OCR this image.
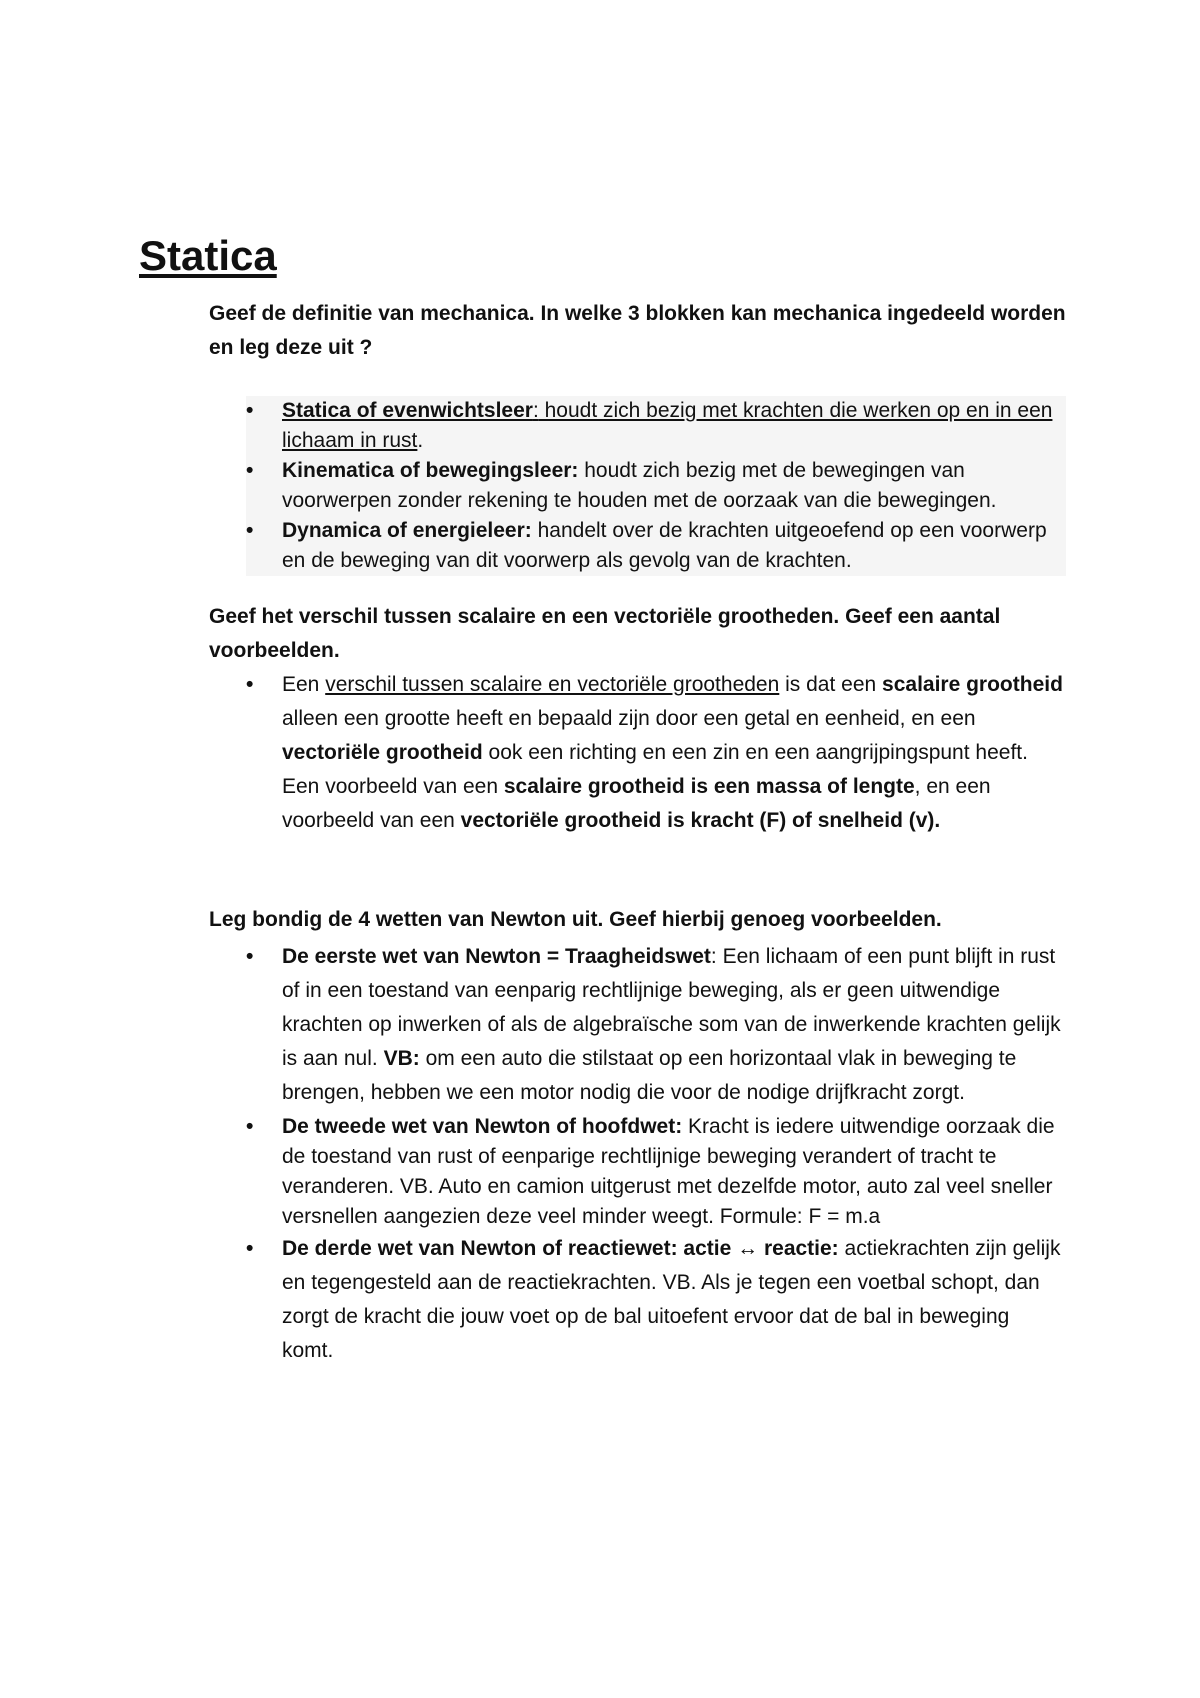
Statica

Geef de definitie van mechanica. In welke 3 blokken kan mechanica ingedeeld worden en leg deze uit ?

•	Statica of evenwichtsleer: houdt zich bezig met krachten die werken op en in een lichaam in rust.
•	Kinematica of bewegingsleer: houdt zich bezig met de bewegingen van voorwerpen zonder rekening te houden met de oorzaak van die bewegingen.
•	Dynamica of energieleer: handelt over de krachten uitgeoefend op een voorwerp en de beweging van dit voorwerp als gevolg van de krachten.

Geef het verschil tussen scalaire en een vectoriële grootheden. Geef een aantal voorbeelden.

•	Een verschil tussen scalaire en vectoriële grootheden is dat een scalaire grootheid alleen een grootte heeft en bepaald zijn door een getal en eenheid, en een vectoriële grootheid ook een richting en een zin en een aangrijpingspunt heeft. Een voorbeeld van een scalaire grootheid is een massa of lengte, en een voorbeeld van een vectoriële grootheid is kracht (F) of snelheid (v).

Leg bondig de 4 wetten van Newton uit. Geef hierbij genoeg voorbeelden.

•	De eerste wet van Newton = Traagheidswet: Een lichaam of een punt blijft in rust of in een toestand van eenparig rechtlijnige beweging, als er geen uitwendige krachten op inwerken of als de algebraïsche som van de inwerkende krachten gelijk is aan nul. VB: om een auto die stilstaat op een horizontaal vlak in beweging te brengen, hebben we een motor nodig die voor de nodige drijfkracht zorgt.
•	De tweede wet van Newton of hoofdwet: Kracht is iedere uitwendige oorzaak die de toestand van rust of eenparige rechtlijnige beweging verandert of tracht te veranderen. VB. Auto en camion uitgerust met dezelfde motor, auto zal veel sneller versnellen aangezien deze veel minder weegt. Formule: F = m.a
•	De derde wet van Newton of reactiewet: actie ↔ reactie: actiekrachten zijn gelijk en tegengesteld aan de reactiekrachten. VB. Als je tegen een voetbal schopt, dan zorgt de kracht die jouw voet op de bal uitoefent ervoor dat de bal in beweging komt.
